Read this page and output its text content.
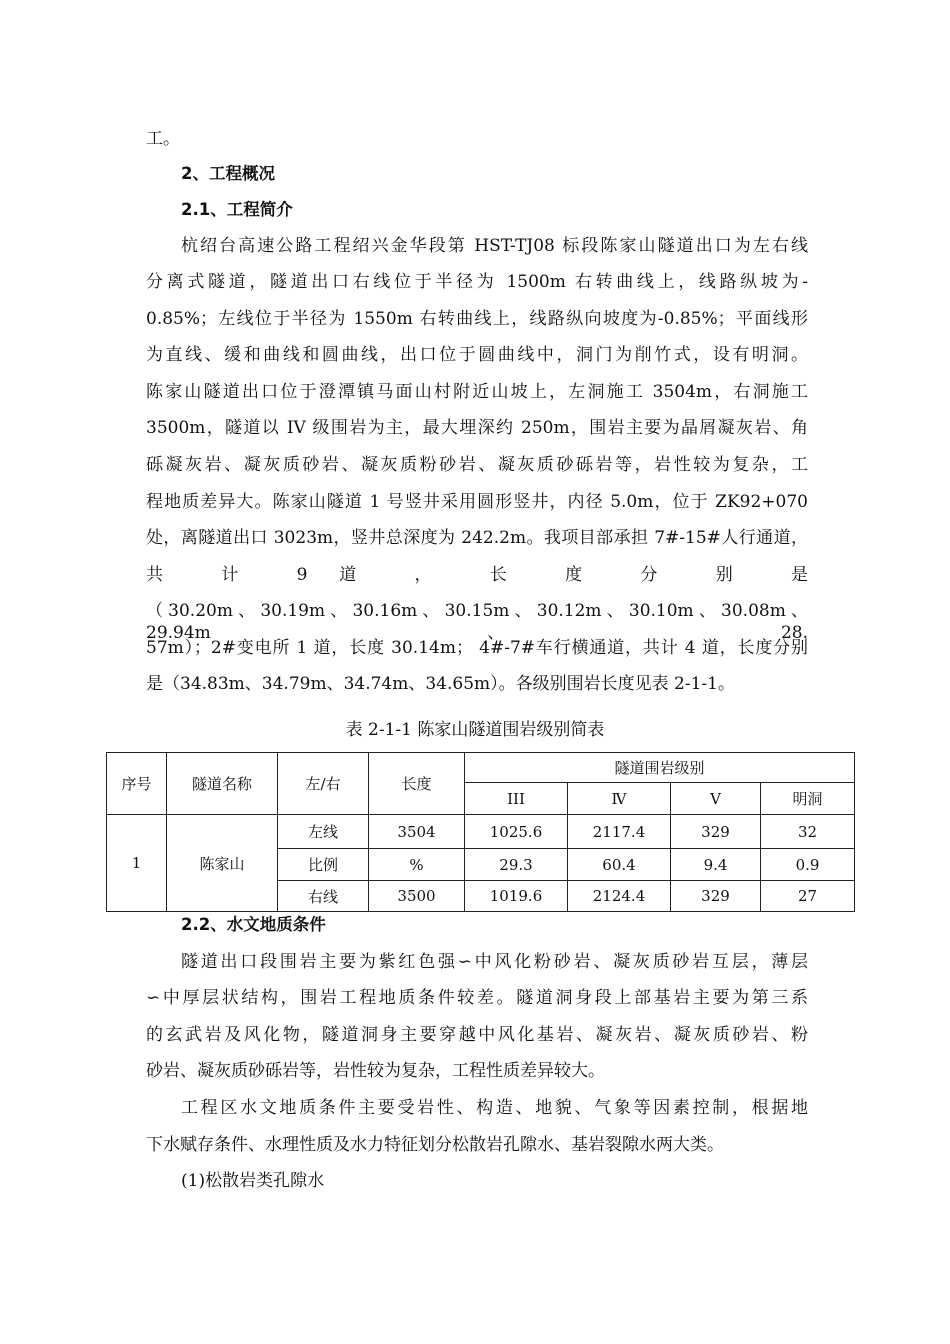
工。
2、工程概况
2.1、工程简介
杭绍台高速公路工程绍兴金华段第 HST-TJ08 标段陈家山隧道出口为左右线
分离式隧道，隧道出口右线位于半径为 1500m 右转曲线上，线路纵坡为-
0.85%；左线位于半径为 1550m 右转曲线上，线路纵向坡度为-0.85%；平面线形
为直线、缓和曲线和圆曲线，出口位于圆曲线中，洞门为削竹式，设有明洞。
陈家山隧道出口位于澄潭镇马面山村附近山坡上，左洞施工 3504m，右洞施工
3500m，隧道以 IV 级围岩为主，最大埋深约 250m，围岩主要为晶屑凝灰岩、角
砾凝灰岩、凝灰质砂岩、凝灰质粉砂岩、凝灰质砂砾岩等，岩性较为复杂，工
程地质差异大。陈家山隧道 1 号竖井采用圆形竖井，内径 5.0m，位于 ZK92+070
处，离隧道出口 3023m，竖井总深度为 242.2m。我项目部承担 7#-15#人行通道，
共 计 9 道 ， 长 度 分 别 是
（30.20m、30.19m、30.16m、30.15m、30.12m、30.10m、30.08m、29.94m、28.
57m）；2#变电所 1 道，长度 30.14m； 4#-7#车行横通道，共计 4 道，长度分别
是（34.83m、34.79m、34.74m、34.65m）。各级别围岩长度见表 2-1-1。
表 2-1-1 陈家山隧道围岩级别简表
序号	隧道名称	左/右	长度	隧道围岩级别			
				III	Ⅳ	V	明洞
1	陈家山	左线	3504	1025.6	2117.4	329	32
		比例	%	29.3	60.4	9.4	0.9
		右线	3500	1019.6	2124.4	329	27
2.2、水文地质条件
隧道出口段围岩主要为紫红色强∽中风化粉砂岩、凝灰质砂岩互层，薄层
∽中厚层状结构，围岩工程地质条件较差。隧道洞身段上部基岩主要为第三系
的玄武岩及风化物，隧道洞身主要穿越中风化基岩、凝灰岩、凝灰质砂岩、粉
砂岩、凝灰质砂砾岩等，岩性较为复杂，工程性质差异较大。
工程区水文地质条件主要受岩性、构造、地貌、气象等因素控制，根据地
下水赋存条件、水理性质及水力特征划分松散岩孔隙水、基岩裂隙水两大类。
(1)松散岩类孔隙水
